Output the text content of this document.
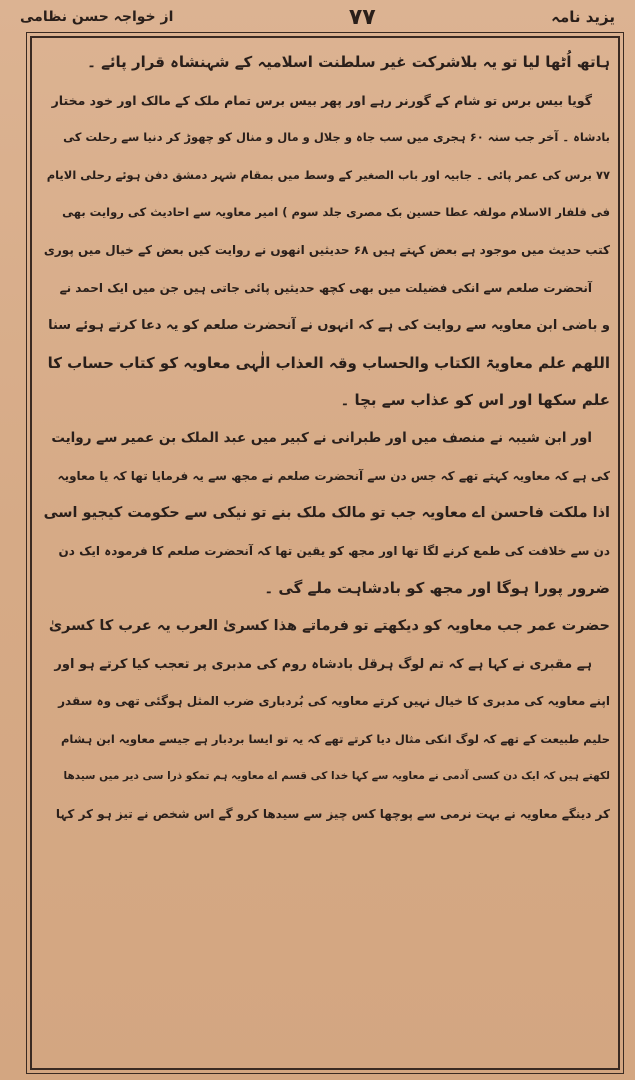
یزید نامہ
۷۷
از خواجہ حسن نظامی
ہاتھ اُٹھا لیا تو یہ بلاشرکت غیر سلطنت اسلامیہ کے شہنشاہ قرار پائے ۔
گویا بیس برس تو شام کے گورنر رہے اور پھر بیس برس تمام ملک کے مالک اور خود مختار
بادشاہ ۔ آخر جب سنہ ۶۰ ہجری میں سب جاہ و جلال و مال و منال کو چھوڑ کر دنیا سے رحلت کی
۷۷ برس کی عمر پائی ۔ جابیہ اور باب الصغیر کے وسط میں بمقام شہر دمشق دفن ہوئے رحلی الایام
فی فلفار الاسلام مولفہ عطا حسین بک مصری جلد سوم ) امیر معاویہ سے احادیث کی روایت بھی
کتب حدیث میں موجود ہے بعض کہتے ہیں ۶۸ حدیثیں انھوں نے روایت کیں بعض کے خیال میں پوری
آنحضرت صلعم سے انکی فضیلت میں بھی کچھ حدیثیں پائی جاتی ہیں جن میں ایک احمد نے
و باضی ابن معاویہ سے روایت کی ہے کہ انہوں نے آنحضرت صلعم کو یہ دعا کرتے ہوئے سنا
اللھم علم معاویۃ الکتاب والحساب وقہ العذاب الٰہی معاویہ کو کتاب حساب کا
علم سکھا اور اس کو عذاب سے بچا ۔
اور ابن شیبہ نے منصف میں اور طبرانی نے کبیر میں عبد الملک بن عمیر سے روایت
کی ہے کہ معاویہ کہتے تھے کہ جس دن سے آنحضرت صلعم نے مجھ سے یہ فرمایا تھا کہ یا معاویہ
اذا ملکت فاحسن اے معاویہ جب تو مالک ملک بنے تو نیکی سے حکومت کیجیو اسی
دن سے خلافت کی طمع کرنے لگا تھا اور مجھ کو یقین تھا کہ آنحضرت صلعم کا فرمودہ ایک دن
ضرور پورا ہوگا اور مجھ کو بادشاہت ملے گی ۔
حضرت عمر جب معاویہ کو دیکھتے تو فرماتے ھذا کسریٰ العرب یہ عرب کا کسریٰ
ہے مقبری نے کہا ہے کہ تم لوگ ہرقل بادشاہ روم کی مدبری پر تعجب کیا کرتے ہو اور
اپنے معاویہ کی مدبری کا خیال نہیں کرتے معاویہ کی بُردباری ضرب المثل ہوگئی تھی وہ سقدر
حلیم طبیعت کے تھے کہ لوگ انکی مثال دیا کرتے تھے کہ یہ تو ایسا بردبار ہے جیسے معاویہ ابن ہشام
لکھتے ہیں کہ ایک دن کسی آدمی نے معاویہ سے کہا خدا کی قسم اے معاویہ ہم تمکو ذرا سی دیر میں سیدھا
کر دینگے معاویہ نے بہت نرمی سے پوچھا کس چیز سے سیدھا کرو گے اس شخص نے تیز ہو کر کہا
